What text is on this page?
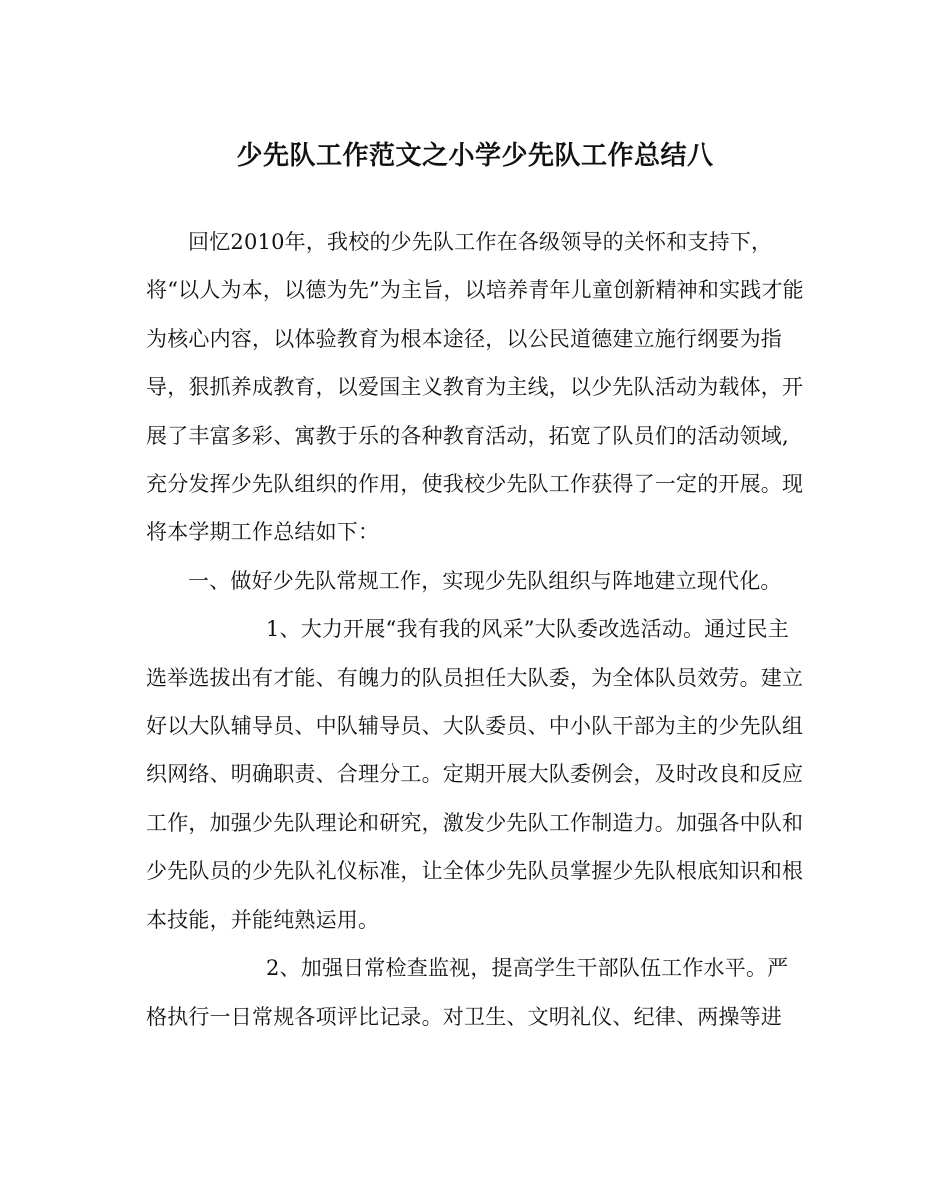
少先队工作范文之小学少先队工作总结八

回忆2010年，我校的少先队工作在各级领导的关怀和支持下，将“以人为本，以德为先”为主旨，以培养青年儿童创新精神和实践才能为核心内容，以体验教育为根本途径，以公民道德建立施行纲要为指导，狠抓养成教育，以爱国主义教育为主线，以少先队活动为载体，开展了丰富多彩、寓教于乐的各种教育活动，拓宽了队员们的活动领域,充分发挥少先队组织的作用，使我校少先队工作获得了一定的开展。现将本学期工作总结如下：

一、做好少先队常规工作，实现少先队组织与阵地建立现代化。

1、大力开展“我有我的风采”大队委改选活动。通过民主选举选拔出有才能、有魄力的队员担任大队委，为全体队员效劳。建立好以大队辅导员、中队辅导员、大队委员、中小队干部为主的少先队组织网络、明确职责、合理分工。定期开展大队委例会，及时改良和反应工作，加强少先队理论和研究，激发少先队工作制造力。加强各中队和少先队员的少先队礼仪标准，让全体少先队员掌握少先队根底知识和根本技能，并能纯熟运用。

2、加强日常检查监视，提高学生干部队伍工作水平。严格执行一日常规各项评比记录。对卫生、文明礼仪、纪律、两操等进
